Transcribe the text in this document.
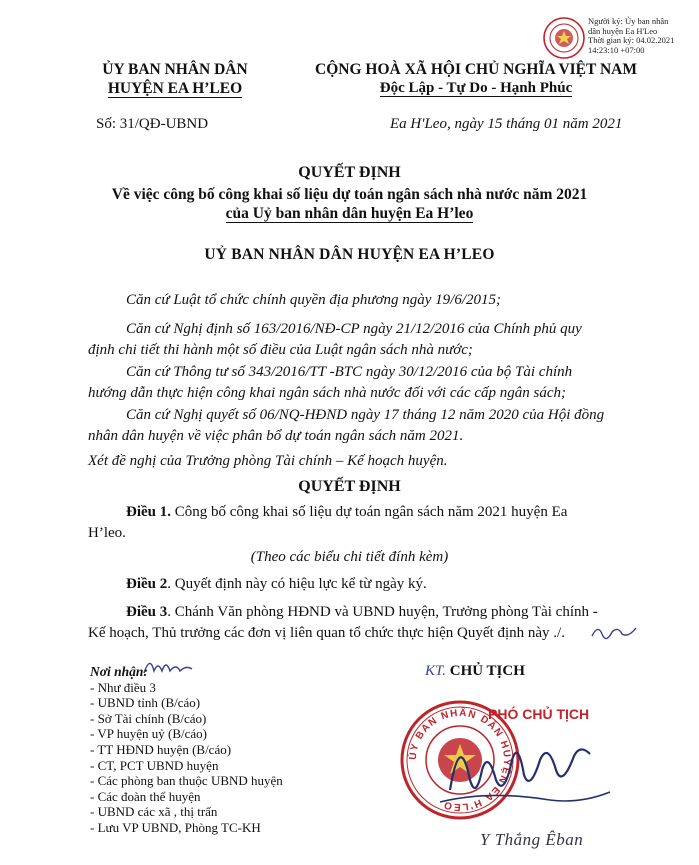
Người ký: Ủy ban nhân
dân huyện Ea H'Leo
Thời gian ký: 04.02.2021
14:23:10 +07:00
ỦY BAN NHÂN DÂN
HUYỆN EA H’LEO
CỘNG HOÀ XÃ HỘI CHỦ NGHĨA VIỆT NAM
Độc Lập - Tự Do - Hạnh Phúc
Số: 31/QĐ-UBND	Ea H'Leo, ngày 15 tháng 01 năm 2021
QUYẾT ĐỊNH
Về việc công bố công khai số liệu dự toán ngân sách nhà nước năm 2021
của Uỷ ban nhân dân huyện Ea H’leo
UỶ BAN NHÂN DÂN HUYỆN EA H’LEO
Căn cứ Luật tổ chức chính quyền địa phương ngày 19/6/2015;
Căn cứ Nghị định số 163/2016/NĐ-CP ngày 21/12/2016 của Chính phủ quy
định chi tiết thi hành một số điều của Luật ngân sách nhà nước;
Căn cứ Thông tư số 343/2016/TT -BTC ngày 30/12/2016 của bộ Tài chính
hướng dẫn thực hiện công khai ngân sách nhà nước đối với các cấp ngân sách;
Căn cứ Nghị quyết số 06/NQ-HĐND ngày 17 tháng 12 năm 2020 của Hội đồng
nhân dân huyện về việc phân bổ dự toán ngân sách năm 2021.
Xét đề nghị của Trưởng phòng Tài chính – Kế hoạch huyện.
QUYẾT ĐỊNH
Điều 1. Công bố công khai số liệu dự toán ngân sách năm 2021 huyện Ea
H’leo.
(Theo các biểu chi tiết đính kèm)
Điều 2. Quyết định này có hiệu lực kể từ ngày ký.
Điều 3. Chánh Văn phòng HĐND và UBND huyện, Trưởng phòng Tài chính -
Kế hoạch, Thủ trưởng các đơn vị liên quan tổ chức thực hiện Quyết định này ./.
Nơi nhận:
- Như điều 3
- UBND tỉnh (B/cáo)
- Sở Tài chính (B/cáo)
- VP huyện uỷ (B/cáo)
- TT HĐND huyện (B/cáo)
- CT, PCT UBND huyện
- Các phòng ban thuộc UBND huyện
- Các đoàn thể huyện
- UBND các xã , thị trấn
- Lưu VP UBND, Phòng TC-KH
KT. CHỦ TỊCH
ỦY BAN NHÂN DÂN HUYỆN EA H'LEO
PHÓ CHỦ TỊCH
Y Thắng Êban
